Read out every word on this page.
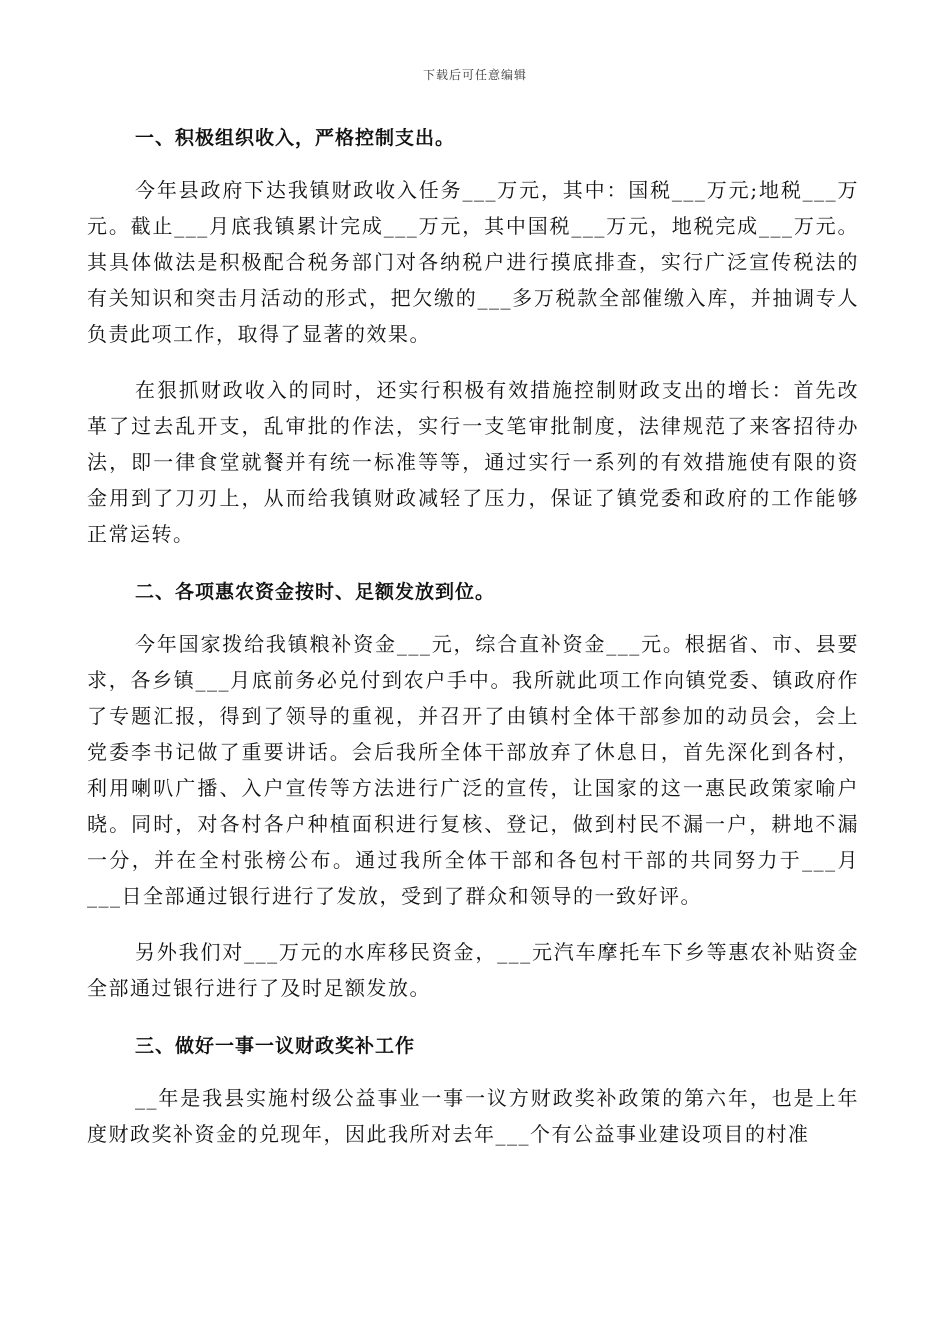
下载后可任意编辑
一、积极组织收入，严格控制支出。

今年县政府下达我镇财政收入任务___万元，其中：国税___万元;地税___万元。截止___月底我镇累计完成___万元，其中国税___万元，地税完成___万元。其具体做法是积极配合税务部门对各纳税户进行摸底排查，实行广泛宣传税法的有关知识和突击月活动的形式，把欠缴的___多万税款全部催缴入库，并抽调专人负责此项工作，取得了显著的效果。

在狠抓财政收入的同时，还实行积极有效措施控制财政支出的增长：首先改革了过去乱开支，乱审批的作法，实行一支笔审批制度，法律规范了来客招待办法，即一律食堂就餐并有统一标准等等，通过实行一系列的有效措施使有限的资金用到了刀刃上，从而给我镇财政减轻了压力，保证了镇党委和政府的工作能够正常运转。

二、各项惠农资金按时、足额发放到位。

今年国家拨给我镇粮补资金___元，综合直补资金___元。根据省、市、县要求，各乡镇___月底前务必兑付到农户手中。我所就此项工作向镇党委、镇政府作了专题汇报，得到了领导的重视，并召开了由镇村全体干部参加的动员会，会上党委李书记做了重要讲话。会后我所全体干部放弃了休息日，首先深化到各村，利用喇叭广播、入户宣传等方法进行广泛的宣传，让国家的这一惠民政策家喻户晓。同时，对各村各户种植面积进行复核、登记，做到村民不漏一户，耕地不漏一分，并在全村张榜公布。通过我所全体干部和各包村干部的共同努力于___月___日全部通过银行进行了发放，受到了群众和领导的一致好评。

另外我们对___万元的水库移民资金，___元汽车摩托车下乡等惠农补贴资金全部通过银行进行了及时足额发放。

三、做好一事一议财政奖补工作

__年是我县实施村级公益事业一事一议方财政奖补政策的第六年，也是上年度财政奖补资金的兑现年，因此我所对去年___个有公益事业建设项目的村准
